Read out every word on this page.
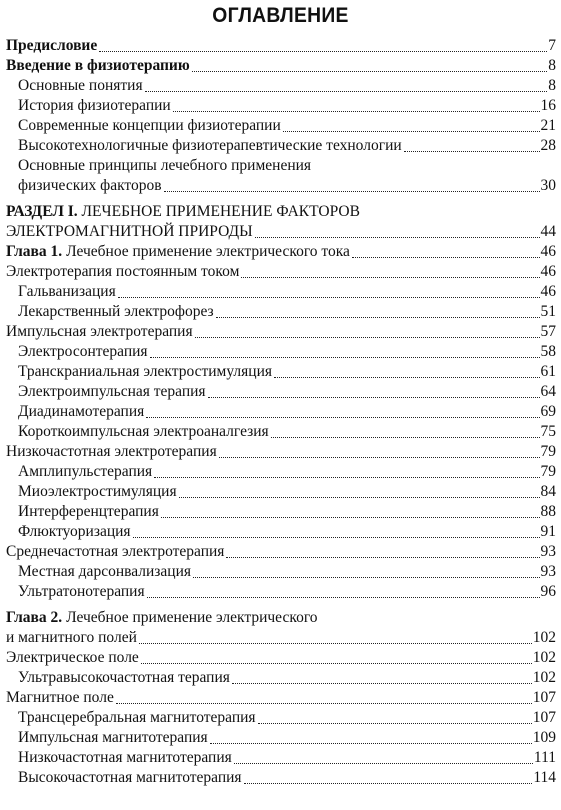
ОГЛАВЛЕНИЕ
Предисловие	7
Введение в физиотерапию	8
Основные понятия	8
История физиотерапии	16
Современные концепции физиотерапии	21
Высокотехнологичные физиотерапевтические технологии	28
Основные принципы лечебного применения
физических факторов	30
РАЗДЕЛ I. ЛЕЧЕБНОЕ ПРИМЕНЕНИЕ ФАКТОРОВ
ЭЛЕКТРОМАГНИТНОЙ ПРИРОДЫ	44
Глава 1. Лечебное применение электрического тока	46
Электротерапия постоянным током	46
Гальванизация	46
Лекарственный электрофорез	51
Импульсная электротерапия	57
Электросонтерапия	58
Транскраниальная электростимуляция	61
Электроимпульсная терапия	64
Диадинамотерапия	69
Короткоимпульсная электроаналгезия	75
Низкочастотная электротерапия	79
Амплипульстерапия	79
Миоэлектростимуляция	84
Интерференцтерапия	88
Флюктуоризация	91
Среднечастотная электротерапия	93
Местная дарсонвализация	93
Ультратонотерапия	96
Глава 2. Лечебное применение электрического
и магнитного полей	102
Электрическое поле	102
Ультравысокочастотная терапия	102
Магнитное поле	107
Трансцеребральная магнитотерапия	107
Импульсная магнитотерапия	109
Низкочастотная магнитотерапия	111
Высокочастотная магнитотерапия	114
